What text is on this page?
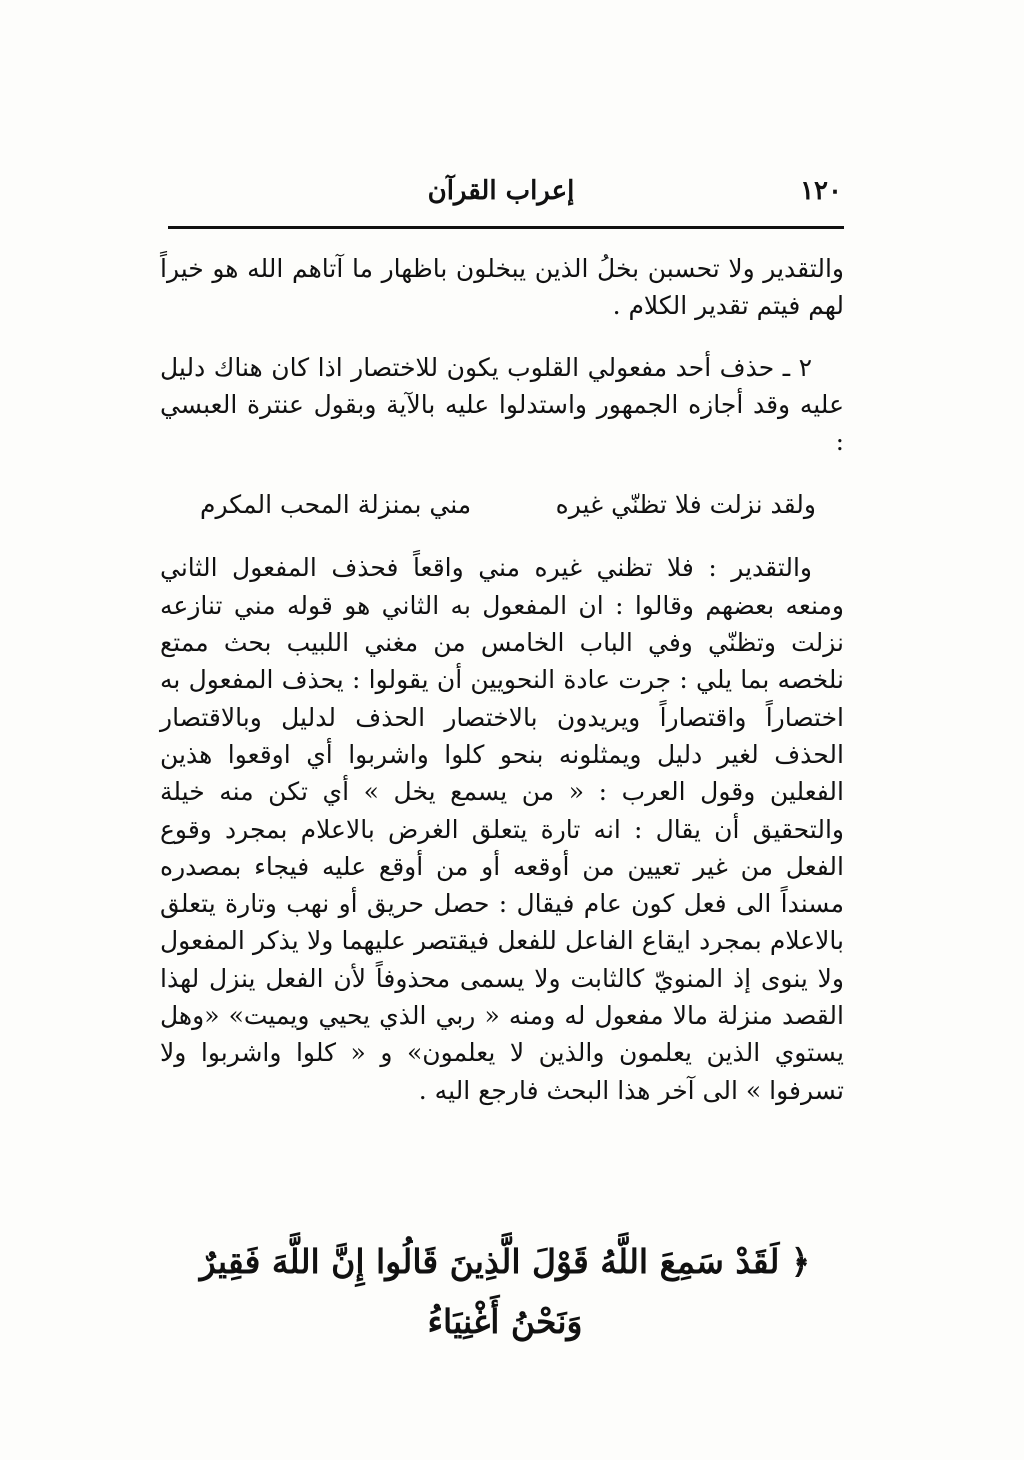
١٢٠
إعراب القرآن

والتقدير ولا تحسبن بخلُ الذين يبخلون باظهار ما آتاهم الله هو خيراً لهم فيتم تقدير الكلام .

٢ ـ حذف أحد مفعولي القلوب يكون للاختصار اذا كان هناك دليل عليه وقد أجازه الجمهور واستدلوا عليه بالآية وبقول عنترة العبسي :

ولقد نزلت فلا تظنّي غيره
مني بمنزلة المحب المكرم

والتقدير : فلا تظني غيره مني واقعاً فحذف المفعول الثاني ومنعه بعضهم وقالوا : ان المفعول به الثاني هو قوله مني تنازعه نزلت وتظنّي وفي الباب الخامس من مغني اللبيب بحث ممتع نلخصه بما يلي : جرت عادة النحويين أن يقولوا : يحذف المفعول به اختصاراً واقتصاراً ويريدون بالاختصار الحذف لدليل وبالاقتصار الحذف لغير دليل ويمثلونه بنحو كلوا واشربوا أي اوقعوا هذين الفعلين وقول العرب : « من يسمع يخل » أي تكن منه خيلة والتحقيق أن يقال : انه تارة يتعلق الغرض بالاعلام بمجرد وقوع الفعل من غير تعيين من أوقعه أو من أوقع عليه فيجاء بمصدره مسنداً الى فعل كون عام فيقال : حصل حريق أو نهب وتارة يتعلق بالاعلام بمجرد ايقاع الفاعل للفعل فيقتصر عليهما ولا يذكر المفعول ولا ينوى إذ المنويّ كالثابت ولا يسمى محذوفاً لأن الفعل ينزل لهذا القصد منزلة مالا مفعول له ومنه « ربي الذي يحيي ويميت» «وهل يستوي الذين يعلمون والذين لا يعلمون» و « كلوا واشربوا ولا تسرفوا » الى آخر هذا البحث فارجع اليه .

﴿ لَقَدْ سَمِعَ اللَّهُ قَوْلَ الَّذِينَ قَالُوا إِنَّ اللَّهَ فَقِيرٌ وَنَحْنُ أَغْنِيَاءُ
